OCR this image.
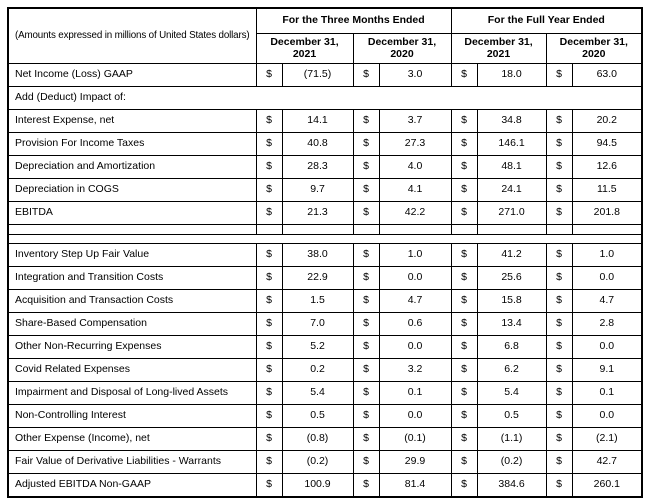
(Amounts expressed in millions of United States dollars)	For the Three Months Ended				For the Full Year Ended			
	December 31, 2021		December 31, 2020		December 31, 2021		December 31, 2020	
Net Income (Loss) GAAP	$	(71.5)	$	3.0	$	18.0	$	63.0
Add (Deduct) Impact of:								
Interest Expense, net	$	14.1	$	3.7	$	34.8	$	20.2
Provision For Income Taxes	$	40.8	$	27.3	$	146.1	$	94.5
Depreciation and Amortization	$	28.3	$	4.0	$	48.1	$	12.6
Depreciation in COGS	$	9.7	$	4.1	$	24.1	$	11.5
EBITDA	$	21.3	$	42.2	$	271.0	$	201.8

Inventory Step Up Fair Value	$	38.0	$	1.0	$	41.2	$	1.0
Integration and Transition Costs	$	22.9	$	0.0	$	25.6	$	0.0
Acquisition and Transaction Costs	$	1.5	$	4.7	$	15.8	$	4.7
Share-Based Compensation	$	7.0	$	0.6	$	13.4	$	2.8
Other Non-Recurring Expenses	$	5.2	$	0.0	$	6.8	$	0.0
Covid Related Expenses	$	0.2	$	3.2	$	6.2	$	9.1
Impairment and Disposal of Long-lived Assets	$	5.4	$	0.1	$	5.4	$	0.1
Non-Controlling Interest	$	0.5	$	0.0	$	0.5	$	0.0
Other Expense (Income), net	$	(0.8)	$	(0.1)	$	(1.1)	$	(2.1)
Fair Value of Derivative Liabilities - Warrants	$	(0.2)	$	29.9	$	(0.2)	$	42.7
Adjusted EBITDA Non-GAAP	$	100.9	$	81.4	$	384.6	$	260.1
